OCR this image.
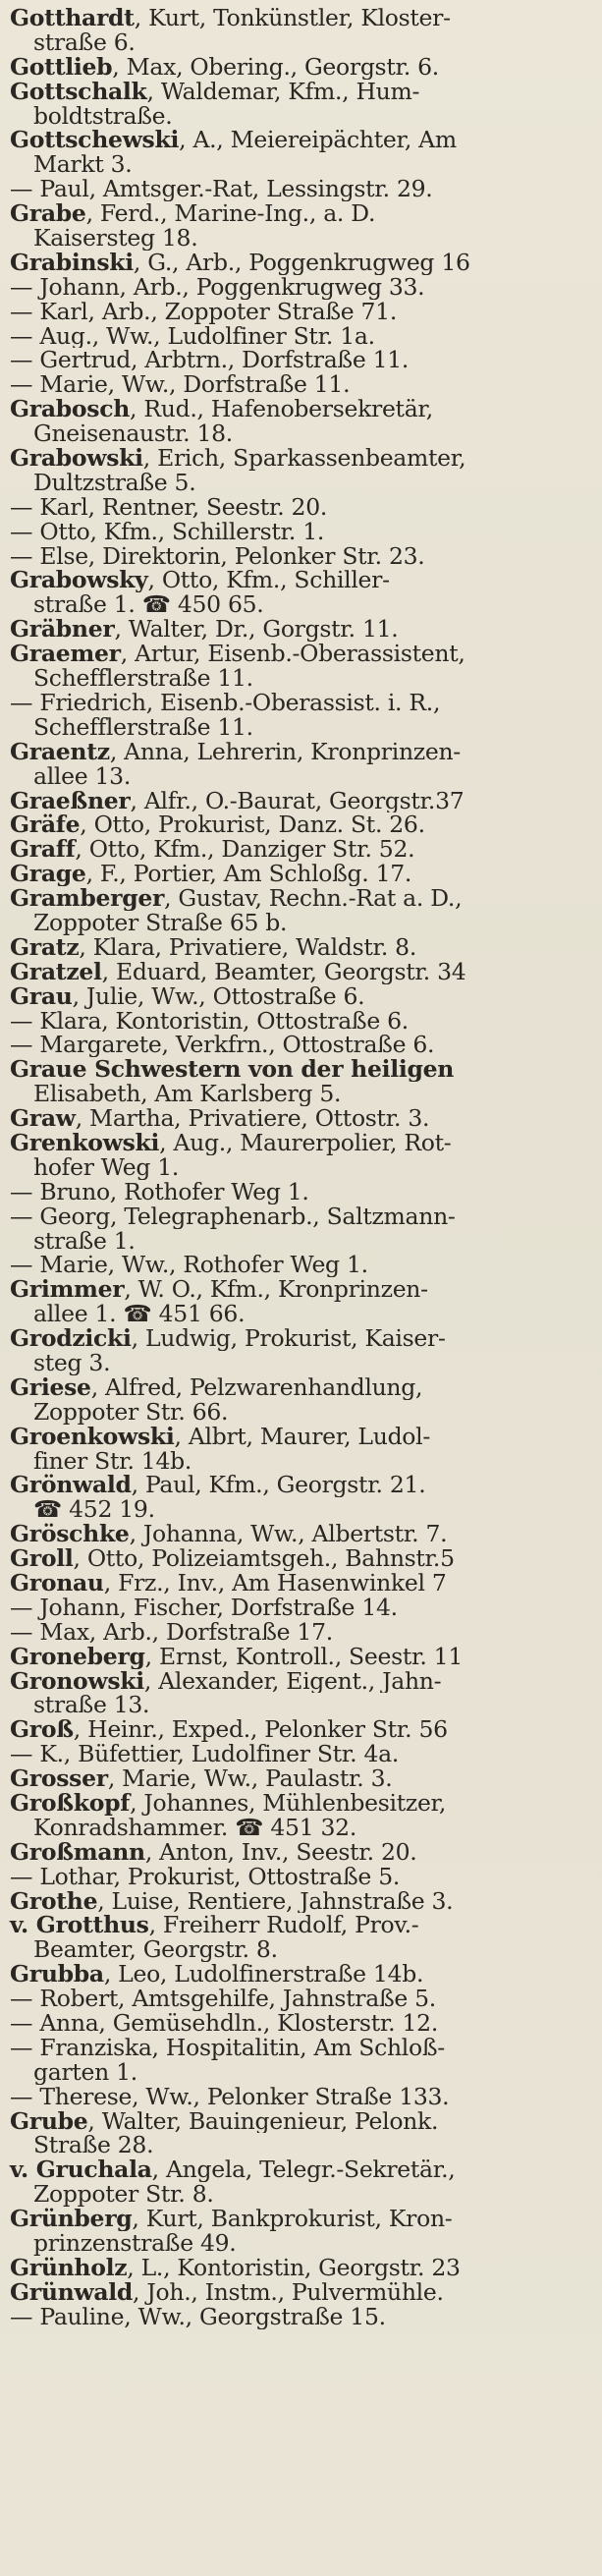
Gotthardt, Kurt, Tonkünstler, Kloster-
straße 6.
Gottlieb, Max, Obering., Georgstr. 6.
Gottschalk, Waldemar, Kfm., Hum-
boldtstraße.
Gottschewski, A., Meiereipächter, Am
Markt 3.
— Paul, Amtsger.-Rat, Lessingstr. 29.
Grabe, Ferd., Marine-Ing., a. D.
Kaisersteg 18.
Grabinski, G., Arb., Poggenkrugweg 16
— Johann, Arb., Poggenkrugweg 33.
— Karl, Arb., Zoppoter Straße 71.
— Aug., Ww., Ludolfiner Str. 1a.
— Gertrud, Arbtrn., Dorfstraße 11.
— Marie, Ww., Dorfstraße 11.
Grabosch, Rud., Hafenobersekretär,
Gneisenaustr. 18.
Grabowski, Erich, Sparkassenbeamter,
Dultzstraße 5.
— Karl, Rentner, Seestr. 20.
— Otto, Kfm., Schillerstr. 1.
— Else, Direktorin, Pelonker Str. 23.
Grabowsky, Otto, Kfm., Schiller-
straße 1. ☎ 450 65.
Gräbner, Walter, Dr., Gorgstr. 11.
Graemer, Artur, Eisenb.-Oberassistent,
Schefflerstraße 11.
— Friedrich, Eisenb.-Oberassist. i. R.,
Schefflerstraße 11.
Graentz, Anna, Lehrerin, Kronprinzen-
allee 13.
Graeßner, Alfr., O.-Baurat, Georgstr.37
Gräfe, Otto, Prokurist, Danz. St. 26.
Graff, Otto, Kfm., Danziger Str. 52.
Grage, F., Portier, Am Schloßg. 17.
Gramberger, Gustav, Rechn.-Rat a. D.,
Zoppoter Straße 65 b.
Gratz, Klara, Privatiere, Waldstr. 8.
Gratzel, Eduard, Beamter, Georgstr. 34
Grau, Julie, Ww., Ottostraße 6.
— Klara, Kontoristin, Ottostraße 6.
— Margarete, Verkfrn., Ottostraße 6.
Graue Schwestern von der heiligen
Elisabeth, Am Karlsberg 5.
Graw, Martha, Privatiere, Ottostr. 3.
Grenkowski, Aug., Maurerpolier, Rot-
hofer Weg 1.
— Bruno, Rothofer Weg 1.
— Georg, Telegraphenarb., Saltzmann-
straße 1.
— Marie, Ww., Rothofer Weg 1.
Grimmer, W. O., Kfm., Kronprinzen-
allee 1. ☎ 451 66.
Grodzicki, Ludwig, Prokurist, Kaiser-
steg 3.
Griese, Alfred, Pelzwarenhandlung,
Zoppoter Str. 66.
Groenkowski, Albrt, Maurer, Ludol-
finer Str. 14b.
Grönwald, Paul, Kfm., Georgstr. 21.
☎ 452 19.
Gröschke, Johanna, Ww., Albertstr. 7.
Groll, Otto, Polizeiamtsgeh., Bahnstr.5
Gronau, Frz., Inv., Am Hasenwinkel 7
— Johann, Fischer, Dorfstraße 14.
— Max, Arb., Dorfstraße 17.
Groneberg, Ernst, Kontroll., Seestr. 11
Gronowski, Alexander, Eigent., Jahn-
straße 13.
Groß, Heinr., Exped., Pelonker Str. 56
— K., Büfettier, Ludolfiner Str. 4a.
Grosser, Marie, Ww., Paulastr. 3.
Großkopf, Johannes, Mühlenbesitzer,
Konradshammer. ☎ 451 32.
Großmann, Anton, Inv., Seestr. 20.
— Lothar, Prokurist, Ottostraße 5.
Grothe, Luise, Rentiere, Jahnstraße 3.
v. Grotthus, Freiherr Rudolf, Prov.-
Beamter, Georgstr. 8.
Grubba, Leo, Ludolfinerstraße 14b.
— Robert, Amtsgehilfe, Jahnstraße 5.
— Anna, Gemüsehdln., Klosterstr. 12.
— Franziska, Hospitalitin, Am Schloß-
garten 1.
— Therese, Ww., Pelonker Straße 133.
Grube, Walter, Bauingenieur, Pelonk.
Straße 28.
v. Gruchala, Angela, Telegr.-Sekretär.,
Zoppoter Str. 8.
Grünberg, Kurt, Bankprokurist, Kron-
prinzenstraße 49.
Grünholz, L., Kontoristin, Georgstr. 23
Grünwald, Joh., Instm., Pulvermühle.
— Pauline, Ww., Georgstraße 15.
